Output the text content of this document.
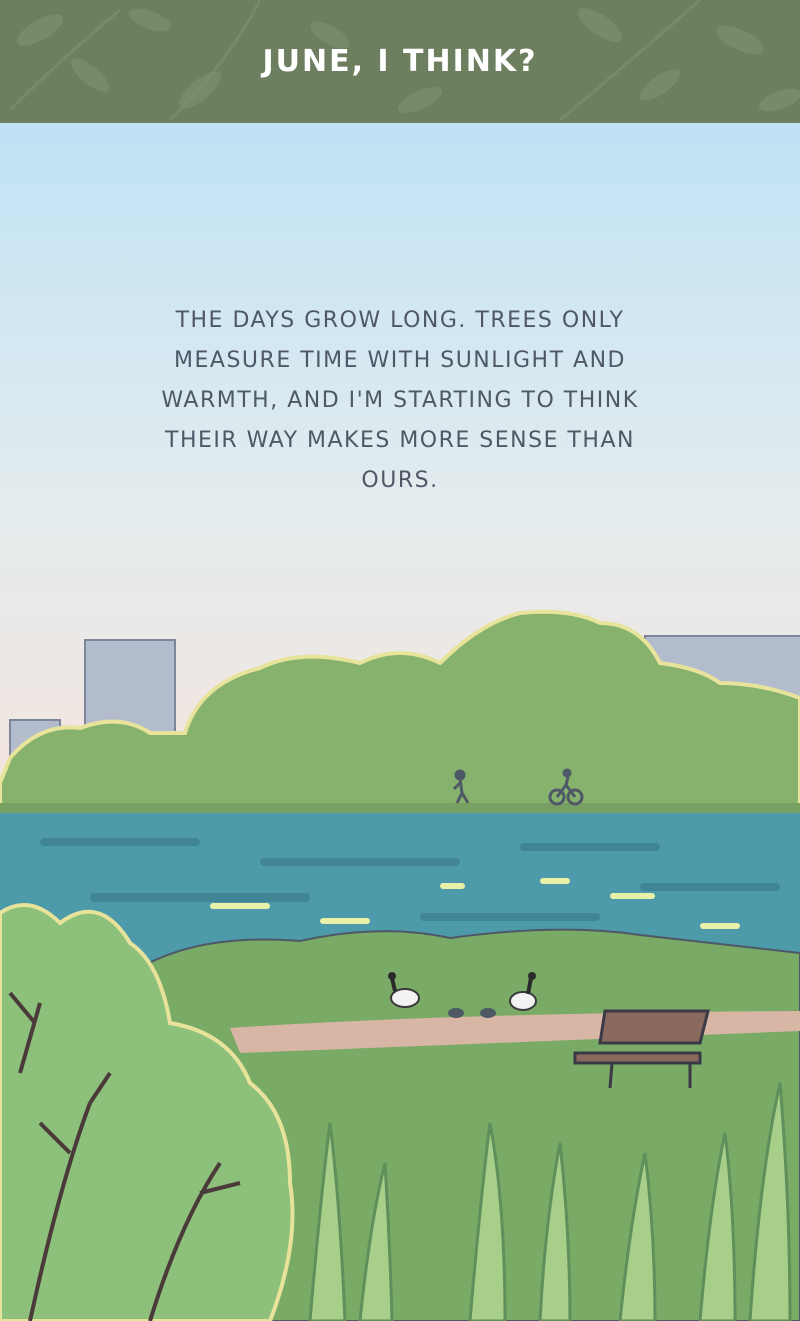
JUNE, I THINK?
THE DAYS GROW LONG. TREES ONLY MEASURE TIME WITH SUNLIGHT AND WARMTH, AND I'M STARTING TO THINK THEIR WAY MAKES MORE SENSE THAN OURS.
